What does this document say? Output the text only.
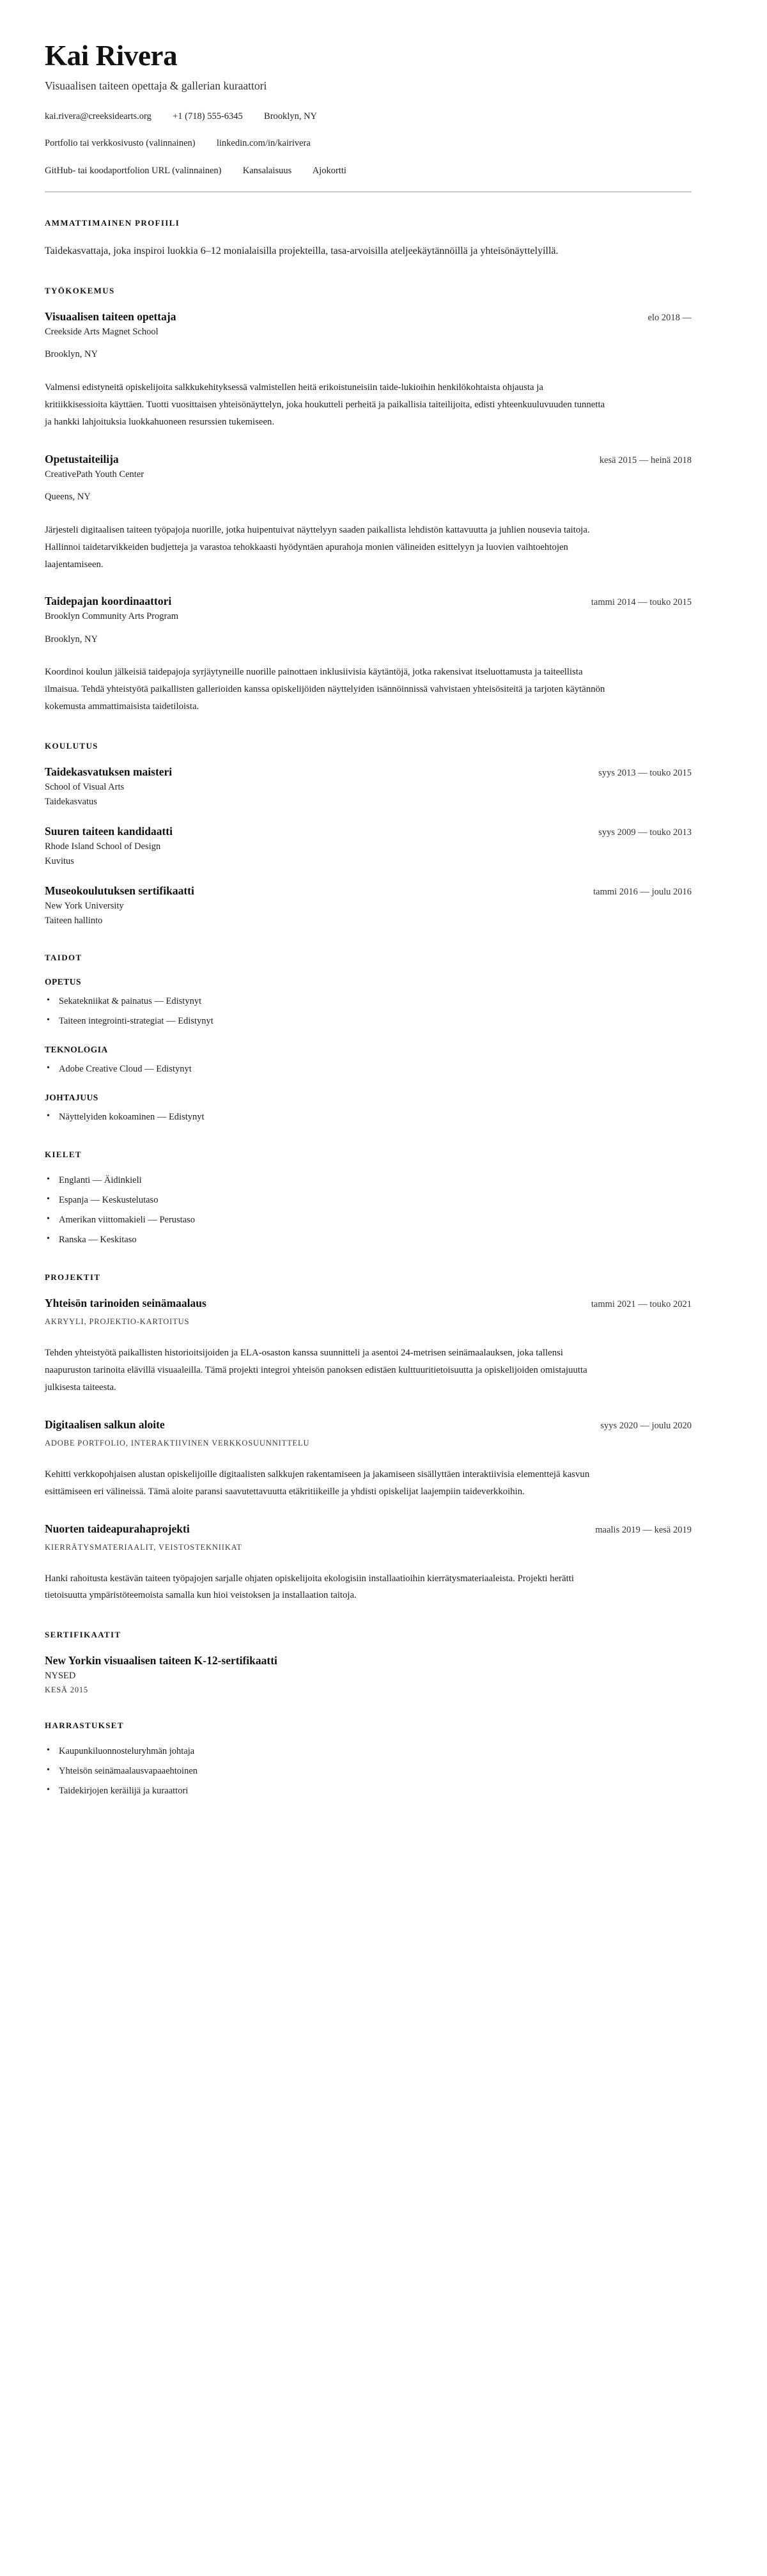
Kai Rivera
Visuaalisen taiteen opettaja & gallerian kuraattori
kai.rivera@creeksidearts.org +1 (718) 555-6345 Brooklyn, NY
Portfolio tai verkkosivusto (valinnainen) linkedin.com/in/kairivera
GitHub- tai koodaportfolion URL (valinnainen) Kansalaisuus Ajokortti
AMMATTIMAINEN PROFIILI

Taidekasvattaja, joka inspiroi luokkia 6–12 monialaisilla projekteilla, tasa-arvoisilla ateljeekäytännöillä ja yhteisönäyttelyillä.

TYÖKOKEMUS
Visuaalisen taiteen opettaja	elo 2018 —
Creekside Arts Magnet School
Brooklyn, NY

Valmensi edistyneitä opiskelijoita salkkukehityksessä valmistellen heitä erikoistuneisiin taide-lukioihin henkilökohtaista ohjausta ja kritiikkisessioita käyttäen. Tuotti vuosittaisen yhteisönäyttelyn, joka houkutteli perheitä ja paikallisia taiteilijoita, edisti yhteenkuuluvuuden tunnetta ja hankki lahjoituksia luokkahuoneen resurssien tukemiseen.

Opetustaiteilija	kesä 2015 — heinä 2018
CreativePath Youth Center
Queens, NY

Järjesteli digitaalisen taiteen työpajoja nuorille, jotka huipentuivat näyttelyyn saaden paikallista lehdistön kattavuutta ja juhlien nousevia taitoja. Hallinnoi taidetarvikkeiden budjetteja ja varastoa tehokkaasti hyödyntäen apurahoja monien välineiden esittelyyn ja luovien vaihtoehtojen laajentamiseen.

Taidepajan koordinaattori	tammi 2014 — touko 2015
Brooklyn Community Arts Program
Brooklyn, NY

Koordinoi koulun jälkeisiä taidepajoja syrjäytyneille nuorille painottaen inklusiivisia käytäntöjä, jotka rakensivat itseluottamusta ja taiteellista ilmaisua. Tehdä yhteistyötä paikallisten gallerioiden kanssa opiskelijöiden näyttelyiden isännöinnissä vahvistaen yhteisösiteitä ja tarjoten käytännön kokemusta ammattimaisista taidetiloista.

KOULUTUS
Taidekasvatuksen maisteri	syys 2013 — touko 2015
School of Visual Arts
Taidekasvatus
Suuren taiteen kandidaatti	syys 2009 — touko 2013
Rhode Island School of Design
Kuvitus
Museokoulutuksen sertifikaatti	tammi 2016 — joulu 2016
New York University
Taiteen hallinto
TAIDOT
OPETUS
• Sekatekniikat & painatus — Edistynyt
• Taiteen integrointi-strategiat — Edistynyt
TEKNOLOGIA
• Adobe Creative Cloud — Edistynyt
JOHTAJUUS
• Näyttelyiden kokoaminen — Edistynyt
KIELET
• Englanti — Äidinkieli
• Espanja — Keskustelutaso
• Amerikan viittomakieli — Perustaso
• Ranska — Keskitaso
PROJEKTIT
Yhteisön tarinoiden seinämaalaus	tammi 2021 — touko 2021
AKRYYLI, PROJEKTIO-KARTOITUS

Tehden yhteistyötä paikallisten historioitsijoiden ja ELA-osaston kanssa suunnitteli ja asentoi 24-metrisen seinämaalauksen, joka tallensi naapuruston tarinoita elävillä visuaaleilla. Tämä projekti integroi yhteisön panoksen edistäen kulttuuritietoisuutta ja opiskelijoiden omistajuutta julkisesta taiteesta.

Digitaalisen salkun aloite	syys 2020 — joulu 2020
ADOBE PORTFOLIO, INTERAKTIIVINEN VERKKOSUUNNITTELU

Kehitti verkkopohjaisen alustan opiskelijoille digitaalisten salkkujen rakentamiseen ja jakamiseen sisällyttäen interaktiivisia elementtejä kasvun esittämiseen eri välineissä. Tämä aloite paransi saavutettavuutta etäkritiikeille ja yhdisti opiskelijat laajempiin taideverkkoihin.

Nuorten taideapurahaprojekti	maalis 2019 — kesä 2019
KIERRÄTYSMATERIAALIT, VEISTOSTEKNIIKAT

Hanki rahoitusta kestävän taiteen työpajojen sarjalle ohjaten opiskelijoita ekologisiin installaatioihin kierrätysmateriaaleista. Projekti herätti tietoisuutta ympäristöteemoista samalla kun hioi veistoksen ja installaation taitoja.

SERTIFIKAATIT
New Yorkin visuaalisen taiteen K-12-sertifikaatti
NYSED
KESÄ 2015
HARRASTUKSET
• Kaupunkiluonnosteluryhmän johtaja
• Yhteisön seinämaalausvapaaehtoinen
• Taidekirjojen keräilijä ja kuraattori
